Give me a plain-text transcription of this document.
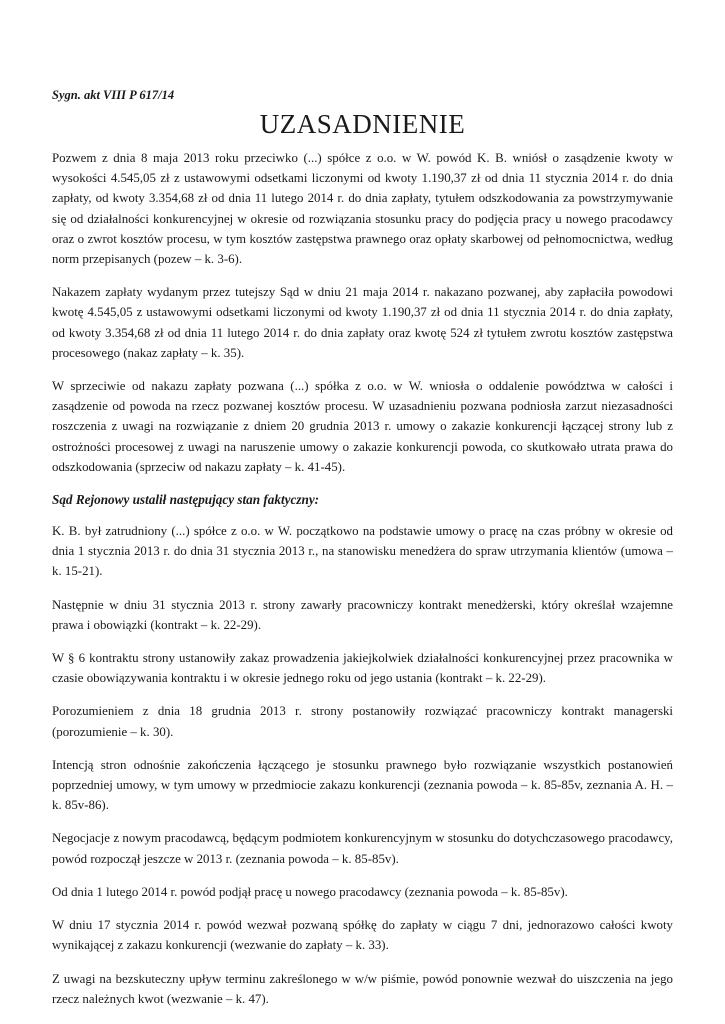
Sygn. akt VIII P 617/14

UZASADNIENIE

Pozwem z dnia 8 maja 2013 roku przeciwko (...) spółce z o.o. w W. powód K. B. wniósł o zasądzenie kwoty w wysokości 4.545,05 zł z ustawowymi odsetkami liczonymi od kwoty 1.190,37 zł od dnia 11 stycznia 2014 r. do dnia zapłaty, od kwoty 3.354,68 zł od dnia 11 lutego 2014 r. do dnia zapłaty, tytułem odszkodowania za powstrzymywanie się od działalności konkurencyjnej w okresie od rozwiązania stosunku pracy do podjęcia pracy u nowego pracodawcy oraz o zwrot kosztów procesu, w tym kosztów zastępstwa prawnego oraz opłaty skarbowej od pełnomocnictwa, według norm przepisanych (pozew – k. 3-6).

Nakazem zapłaty wydanym przez tutejszy Sąd w dniu 21 maja 2014 r. nakazano pozwanej, aby zapłaciła powodowi kwotę 4.545,05 z ustawowymi odsetkami liczonymi od kwoty 1.190,37 zł od dnia 11 stycznia 2014 r. do dnia zapłaty, od kwoty 3.354,68 zł od dnia 11 lutego 2014 r. do dnia zapłaty oraz kwotę 524 zł tytułem zwrotu kosztów zastępstwa procesowego (nakaz zapłaty – k. 35).

W sprzeciwie od nakazu zapłaty pozwana (...) spółka z o.o. w W. wniosła o oddalenie powództwa w całości i zasądzenie od powoda na rzecz pozwanej kosztów procesu. W uzasadnieniu pozwana podniosła zarzut niezasadności roszczenia z uwagi na rozwiązanie z dniem 20 grudnia 2013 r. umowy o zakazie konkurencji łączącej strony lub z ostrożności procesowej z uwagi na naruszenie umowy o zakazie konkurencji powoda, co skutkowało utrata prawa do odszkodowania (sprzeciw od nakazu zapłaty – k. 41-45).

Sąd Rejonowy ustalił następujący stan faktyczny:

K. B. był zatrudniony (...) spółce z o.o. w W. początkowo na podstawie umowy o pracę na czas próbny w okresie od dnia 1 stycznia 2013 r. do dnia 31 stycznia 2013 r., na stanowisku menedżera do spraw utrzymania klientów (umowa – k. 15-21).

Następnie w dniu 31 stycznia 2013 r. strony zawarły pracowniczy kontrakt menedżerski, który określał wzajemne prawa i obowiązki (kontrakt – k. 22-29).

W § 6 kontraktu strony ustanowiły zakaz prowadzenia jakiejkolwiek działalności konkurencyjnej przez pracownika w czasie obowiązywania kontraktu i w okresie jednego roku od jego ustania (kontrakt – k. 22-29).

Porozumieniem z dnia 18 grudnia 2013 r. strony postanowiły rozwiązać pracowniczy kontrakt managerski (porozumienie – k. 30).

Intencją stron odnośnie zakończenia łączącego je stosunku prawnego było rozwiązanie wszystkich postanowień poprzedniej umowy, w tym umowy w przedmiocie zakazu konkurencji (zeznania powoda – k. 85-85v, zeznania A. H. – k. 85v-86).

Negocjacje z nowym pracodawcą, będącym podmiotem konkurencyjnym w stosunku do dotychczasowego pracodawcy, powód rozpoczął jeszcze w 2013 r. (zeznania powoda – k. 85-85v).

Od dnia 1 lutego 2014 r. powód podjął pracę u nowego pracodawcy (zeznania powoda – k. 85-85v).

W dniu 17 stycznia 2014 r. powód wezwał pozwaną spółkę do zapłaty w ciągu 7 dni, jednorazowo całości kwoty wynikającej z zakazu konkurencji (wezwanie do zapłaty – k. 33).

Z uwagi na bezskuteczny upływ terminu zakreślonego w w/w piśmie, powód ponownie wezwał do uiszczenia na jego rzecz należnych kwot (wezwanie – k. 47).
